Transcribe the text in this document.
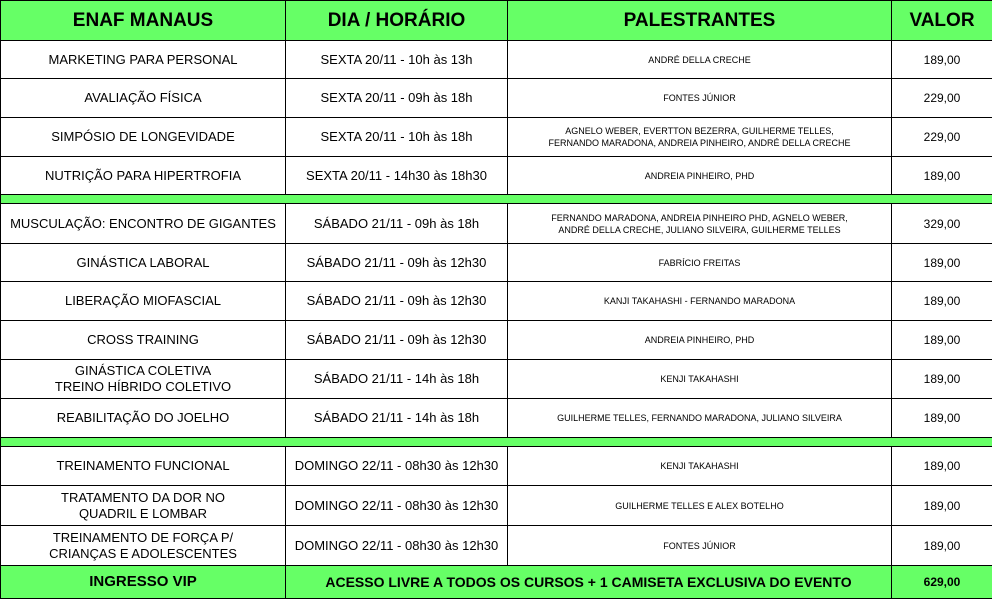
ENAF MANAUS	DIA / HORÁRIO	PALESTRANTES	VALOR

MARKETING PARA PERSONAL	SEXTA 20/11 - 10h às 13h	ANDRÉ DELLA CRECHE	189,00

AVALIAÇÃO FÍSICA	SEXTA 20/11 - 09h às 18h	FONTES JÚNIOR	229,00

SIMPÓSIO DE LONGEVIDADE	SEXTA 20/11 - 10h às 18h	AGNELO WEBER, EVERTTON BEZERRA, GUILHERME TELLES,
FERNANDO MARADONA, ANDREIA PINHEIRO, ANDRÉ DELLA CRECHE	229,00

NUTRIÇÃO PARA HIPERTROFIA	SEXTA 20/11 - 14h30 às 18h30	ANDREIA PINHEIRO, PHD	189,00

MUSCULAÇÃO: ENCONTRO DE GIGANTES	SÁBADO 21/11 - 09h às 18h	FERNANDO MARADONA, ANDREIA PINHEIRO PHD, AGNELO WEBER,
ANDRÉ DELLA CRECHE, JULIANO SILVEIRA, GUILHERME TELLES	329,00

GINÁSTICA LABORAL	SÁBADO 21/11 - 09h às 12h30	FABRÍCIO FREITAS	189,00

LIBERAÇÃO MIOFASCIAL	SÁBADO 21/11 - 09h às 12h30	KANJI TAKAHASHI - FERNANDO MARADONA	189,00

CROSS TRAINING	SÁBADO 21/11 - 09h às 12h30	ANDREIA PINHEIRO, PHD	189,00

GINÁSTICA COLETIVA
TREINO HÍBRIDO COLETIVO	SÁBADO 21/11 - 14h às 18h	KENJI TAKAHASHI	189,00

REABILITAÇÃO DO JOELHO	SÁBADO 21/11 - 14h às 18h	GUILHERME TELLES, FERNANDO MARADONA, JULIANO SILVEIRA	189,00

TREINAMENTO FUNCIONAL	DOMINGO 22/11 - 08h30 às 12h30	KENJI TAKAHASHI	189,00

TRATAMENTO DA DOR NO
QUADRIL E LOMBAR	DOMINGO 22/11 - 08h30 às 12h30	GUILHERME TELLES E ALEX BOTELHO	189,00

TREINAMENTO DE FORÇA P/
CRIANÇAS E ADOLESCENTES	DOMINGO 22/11 - 08h30 às 12h30	FONTES JÚNIOR	189,00
INGRESSO VIP	ACESSO LIVRE A TODOS OS CURSOS + 1 CAMISETA EXCLUSIVA DO EVENTO		629,00
